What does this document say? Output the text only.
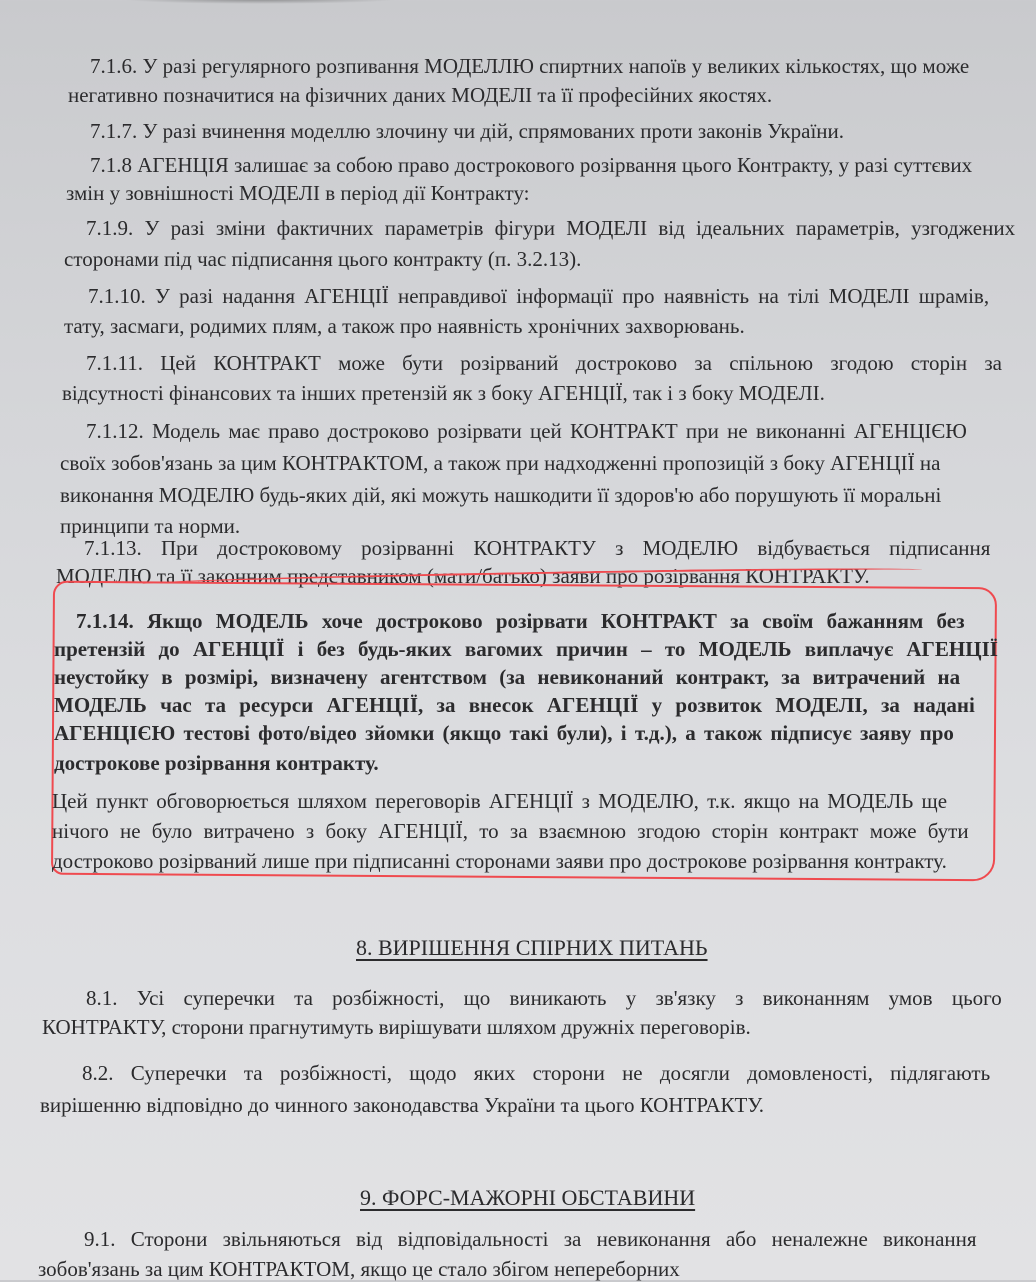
7.1.6. У разі регулярного розпивання МОДЕЛЛЮ спиртних напоїв у великих кількостях, що може
негативно позначитися на фізичних даних МОДЕЛІ та її професійних якостях.
7.1.7. У разі вчинення моделлю злочину чи дій, спрямованих проти законів України.
7.1.8 АГЕНЦІЯ залишає за собою право дострокового розірвання цього Контракту, у разі суттєвих
змін у зовнішності МОДЕЛІ в період дії Контракту:
7.1.9. У разі зміни фактичних параметрів фігури МОДЕЛІ від ідеальних параметрів, узгоджених
сторонами під час підписання цього контракту (п. 3.2.13).
7.1.10. У разі надання АГЕНЦІЇ неправдивої інформації про наявність на тілі МОДЕЛІ шрамів,
тату, засмаги, родимих плям, а також про наявність хронічних захворювань.
7.1.11. Цей КОНТРАКТ може бути розірваний достроково за спільною згодою сторін за
відсутності фінансових та інших претензій як з боку АГЕНЦІЇ, так і з боку МОДЕЛІ.
7.1.12. Модель має право достроково розірвати цей КОНТРАКТ при не виконанні АГЕНЦІЄЮ
своїх зобов'язань за цим КОНТРАКТОМ, а також при надходженні пропозицій з боку АГЕНЦІЇ на
виконання МОДЕЛЮ будь-яких дій, які можуть нашкодити її здоров'ю або порушують її моральні
принципи та норми.
7.1.13. При достроковому розірванні КОНТРАКТУ з МОДЕЛЮ відбувається підписання
МОДЕЛЮ та її законним представником (мати/батько) заяви про розірвання КОНТРАКТУ.
7.1.14. Якщо МОДЕЛЬ хоче достроково розірвати КОНТРАКТ за своїм бажанням без
претензій до АГЕНЦІЇ і без будь-яких вагомих причин – то МОДЕЛЬ виплачує АГЕНЦІЇ
неустойку в розмірі, визначену агентством (за невиконаний контракт, за витрачений на
МОДЕЛЬ час та ресурси АГЕНЦІЇ, за внесок АГЕНЦІЇ у розвиток МОДЕЛІ, за надані
АГЕНЦІЄЮ тестові фото/відео зйомки (якщо такі були), і т.д.), а також підписує заяву про
дострокове розірвання контракту.
Цей пункт обговорюється шляхом переговорів АГЕНЦІЇ з МОДЕЛЮ, т.к. якщо на МОДЕЛЬ ще
нічого не було витрачено з боку АГЕНЦІЇ, то за взаємною згодою сторін контракт може бути
достроково розірваний лише при підписанні сторонами заяви про дострокове розірвання контракту.
8. ВИРІШЕННЯ СПІРНИХ ПИТАНЬ
8.1. Усі суперечки та розбіжності, що виникають у зв'язку з виконанням умов цього
КОНТРАКТУ, сторони прагнутимуть вирішувати шляхом дружніх переговорів.
8.2. Суперечки та розбіжності, щодо яких сторони не досягли домовленості, підлягають
вирішенню відповідно до чинного законодавства України та цього КОНТРАКТУ.
9. ФОРС-МАЖОРНІ ОБСТАВИНИ
9.1. Сторони звільняються від відповідальності за невиконання або неналежне виконання
зобов'язань за цим КОНТРАКТОМ, якщо це стало збігом непереборних
